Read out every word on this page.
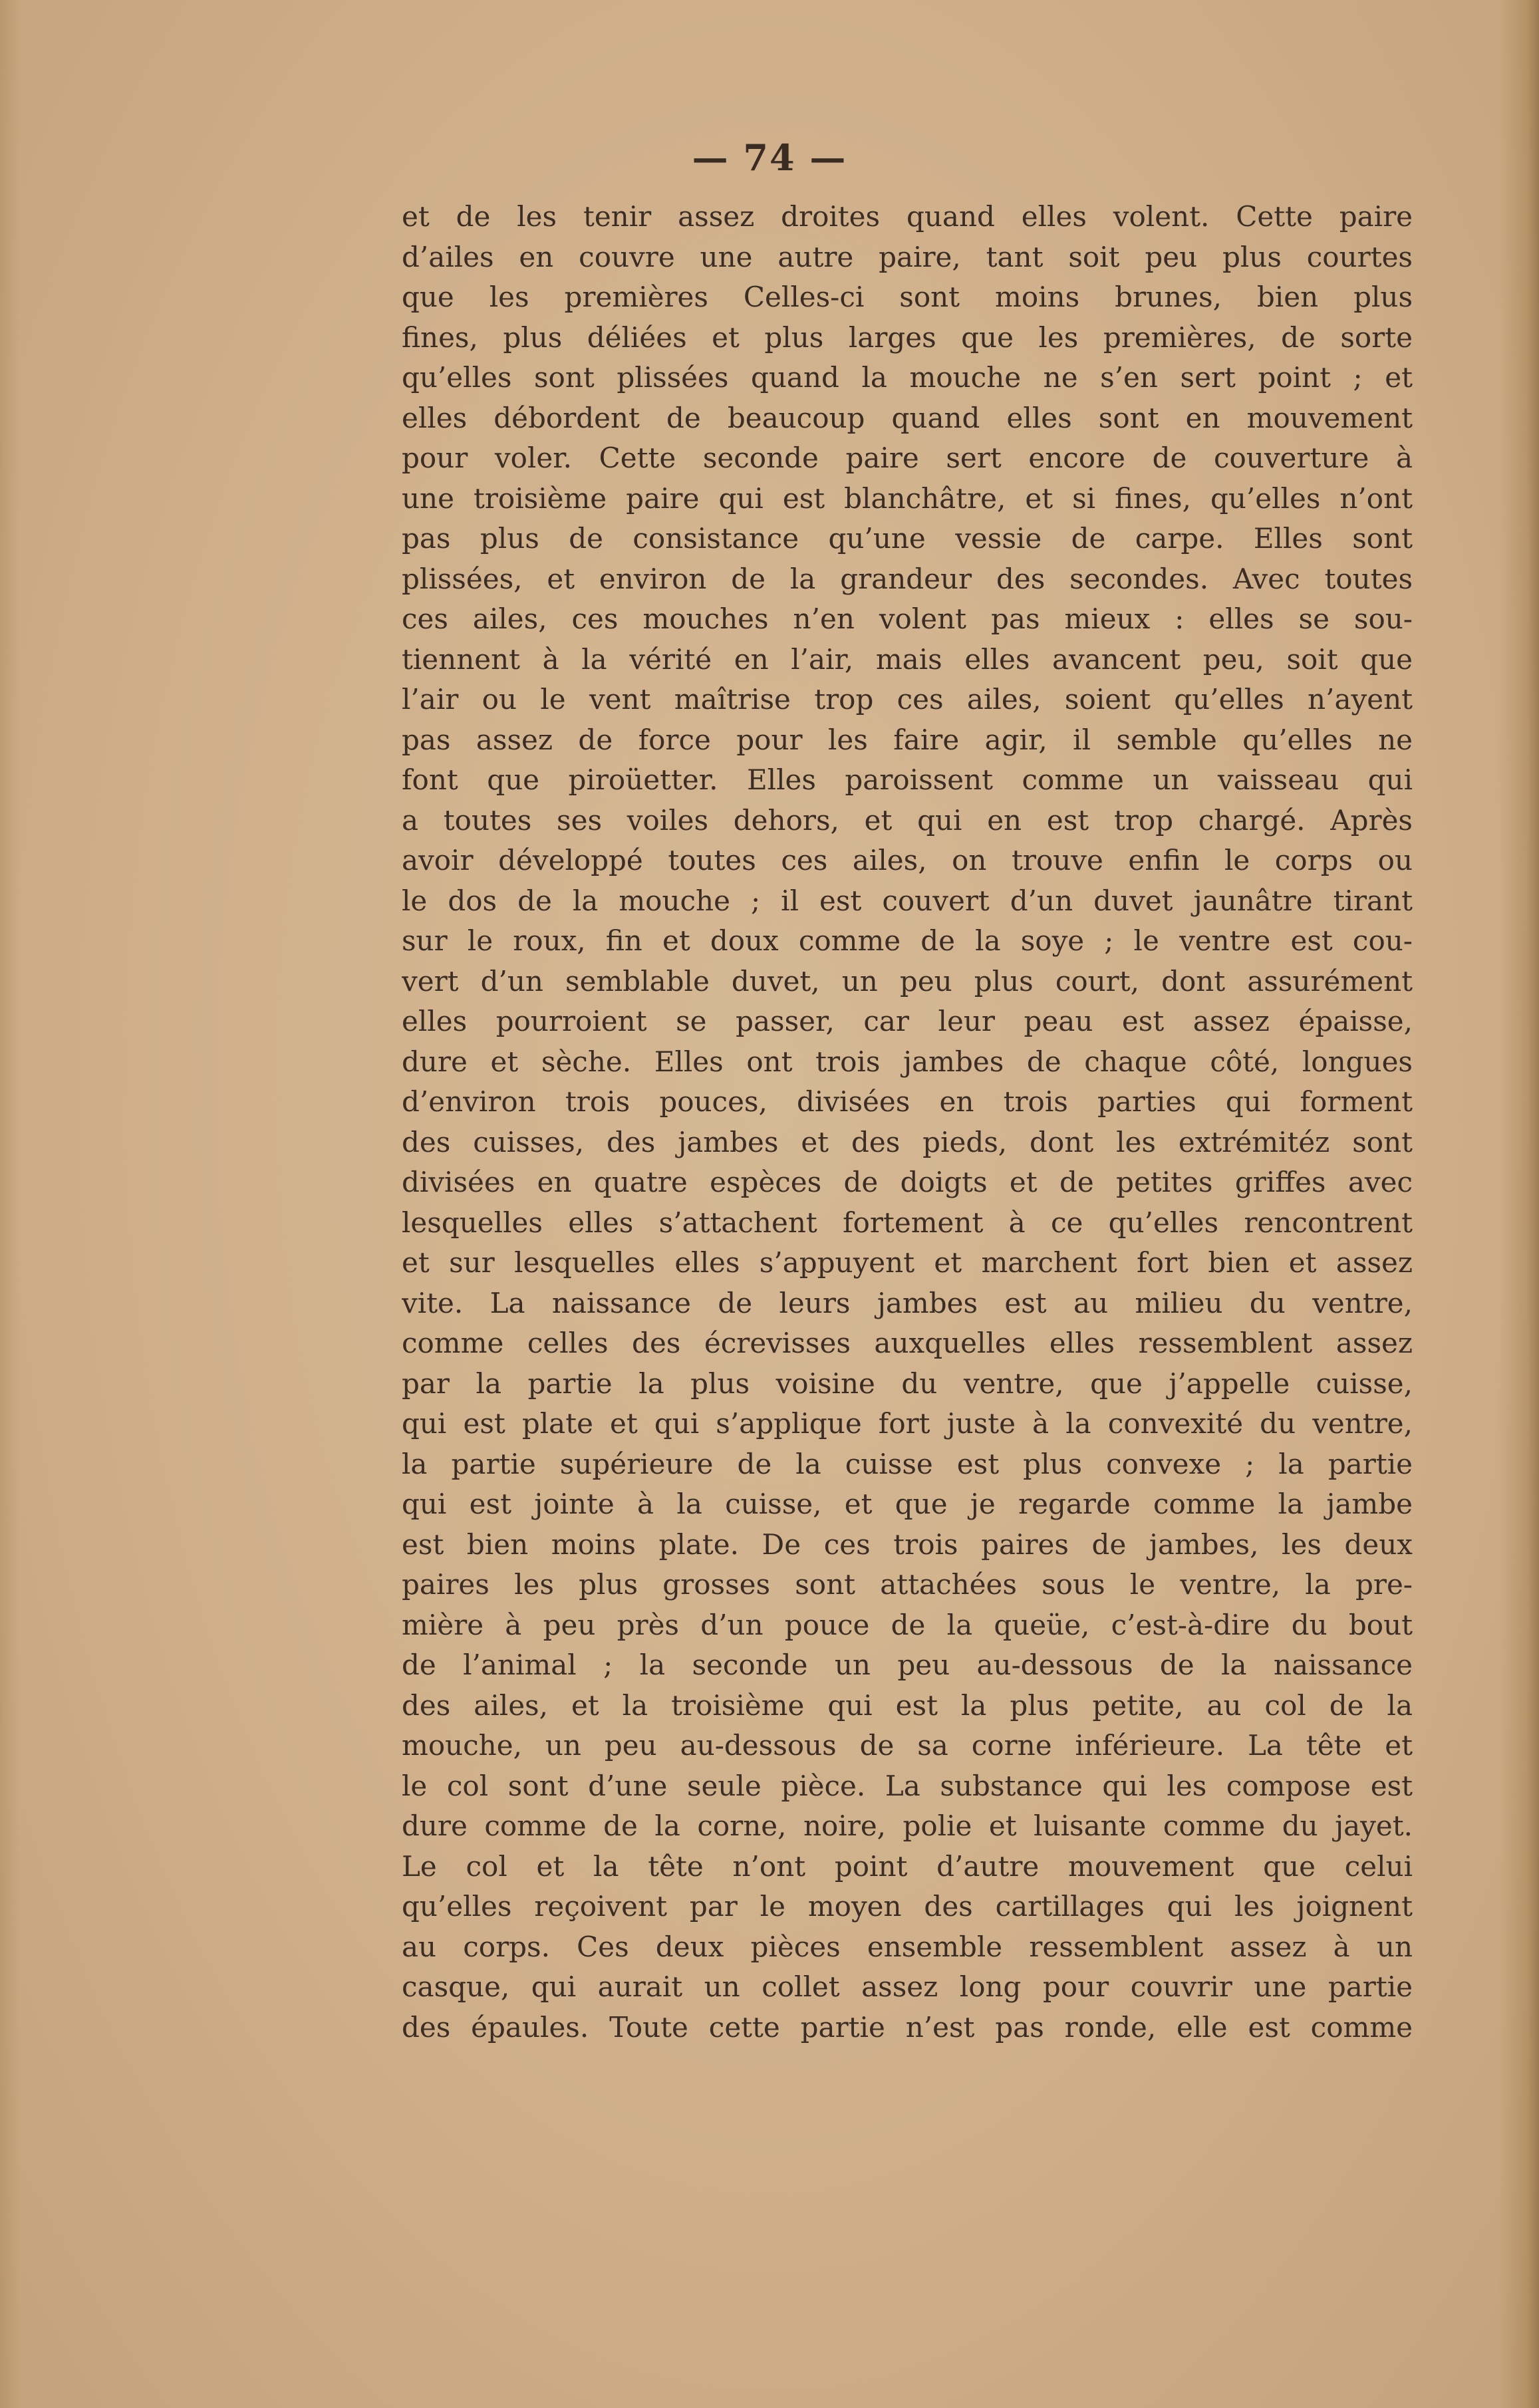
— 74 —
et de les tenir assez droites quand elles volent. Cette paire
d’ailes en couvre une autre paire, tant soit peu plus courtes
que les premières Celles-ci sont moins brunes, bien plus
fines, plus déliées et plus larges que les premières, de sorte
qu’elles sont plissées quand la mouche ne s’en sert point ; et
elles débordent de beaucoup quand elles sont en mouvement
pour voler. Cette seconde paire sert encore de couverture à
une troisième paire qui est blanchâtre, et si fines, qu’elles n’ont
pas plus de consistance qu’une vessie de carpe. Elles sont
plissées, et environ de la grandeur des secondes. Avec toutes
ces ailes, ces mouches n’en volent pas mieux : elles se sou-
tiennent à la vérité en l’air, mais elles avancent peu, soit que
l’air ou le vent maîtrise trop ces ailes, soient qu’elles n’ayent
pas assez de force pour les faire agir, il semble qu’elles ne
font que piroüetter. Elles paroissent comme un vaisseau qui
a toutes ses voiles dehors, et qui en est trop chargé. Après
avoir développé toutes ces ailes, on trouve enfin le corps ou
le dos de la mouche ; il est couvert d’un duvet jaunâtre tirant
sur le roux, fin et doux comme de la soye ; le ventre est cou-
vert d’un semblable duvet, un peu plus court, dont assurément
elles pourroient se passer, car leur peau est assez épaisse,
dure et sèche. Elles ont trois jambes de chaque côté, longues
d’environ trois pouces, divisées en trois parties qui forment
des cuisses, des jambes et des pieds, dont les extrémitéz sont
divisées en quatre espèces de doigts et de petites griffes avec
lesquelles elles s’attachent fortement à ce qu’elles rencontrent
et sur lesquelles elles s’appuyent et marchent fort bien et assez
vite. La naissance de leurs jambes est au milieu du ventre,
comme celles des écrevisses auxquelles elles ressemblent assez
par la partie la plus voisine du ventre, que j’appelle cuisse,
qui est plate et qui s’applique fort juste à la convexité du ventre,
la partie supérieure de la cuisse est plus convexe ; la partie
qui est jointe à la cuisse, et que je regarde comme la jambe
est bien moins plate. De ces trois paires de jambes, les deux
paires les plus grosses sont attachées sous le ventre, la pre-
mière à peu près d’un pouce de la queüe, c’est-à-dire du bout
de l’animal ; la seconde un peu au-dessous de la naissance
des ailes, et la troisième qui est la plus petite, au col de la
mouche, un peu au-dessous de sa corne inférieure. La tête et
le col sont d’une seule pièce. La substance qui les compose est
dure comme de la corne, noire, polie et luisante comme du jayet.
Le col et la tête n’ont point d’autre mouvement que celui
qu’elles reçoivent par le moyen des cartillages qui les joignent
au corps. Ces deux pièces ensemble ressemblent assez à un
casque, qui aurait un collet assez long pour couvrir une partie
des épaules. Toute cette partie n’est pas ronde, elle est comme
